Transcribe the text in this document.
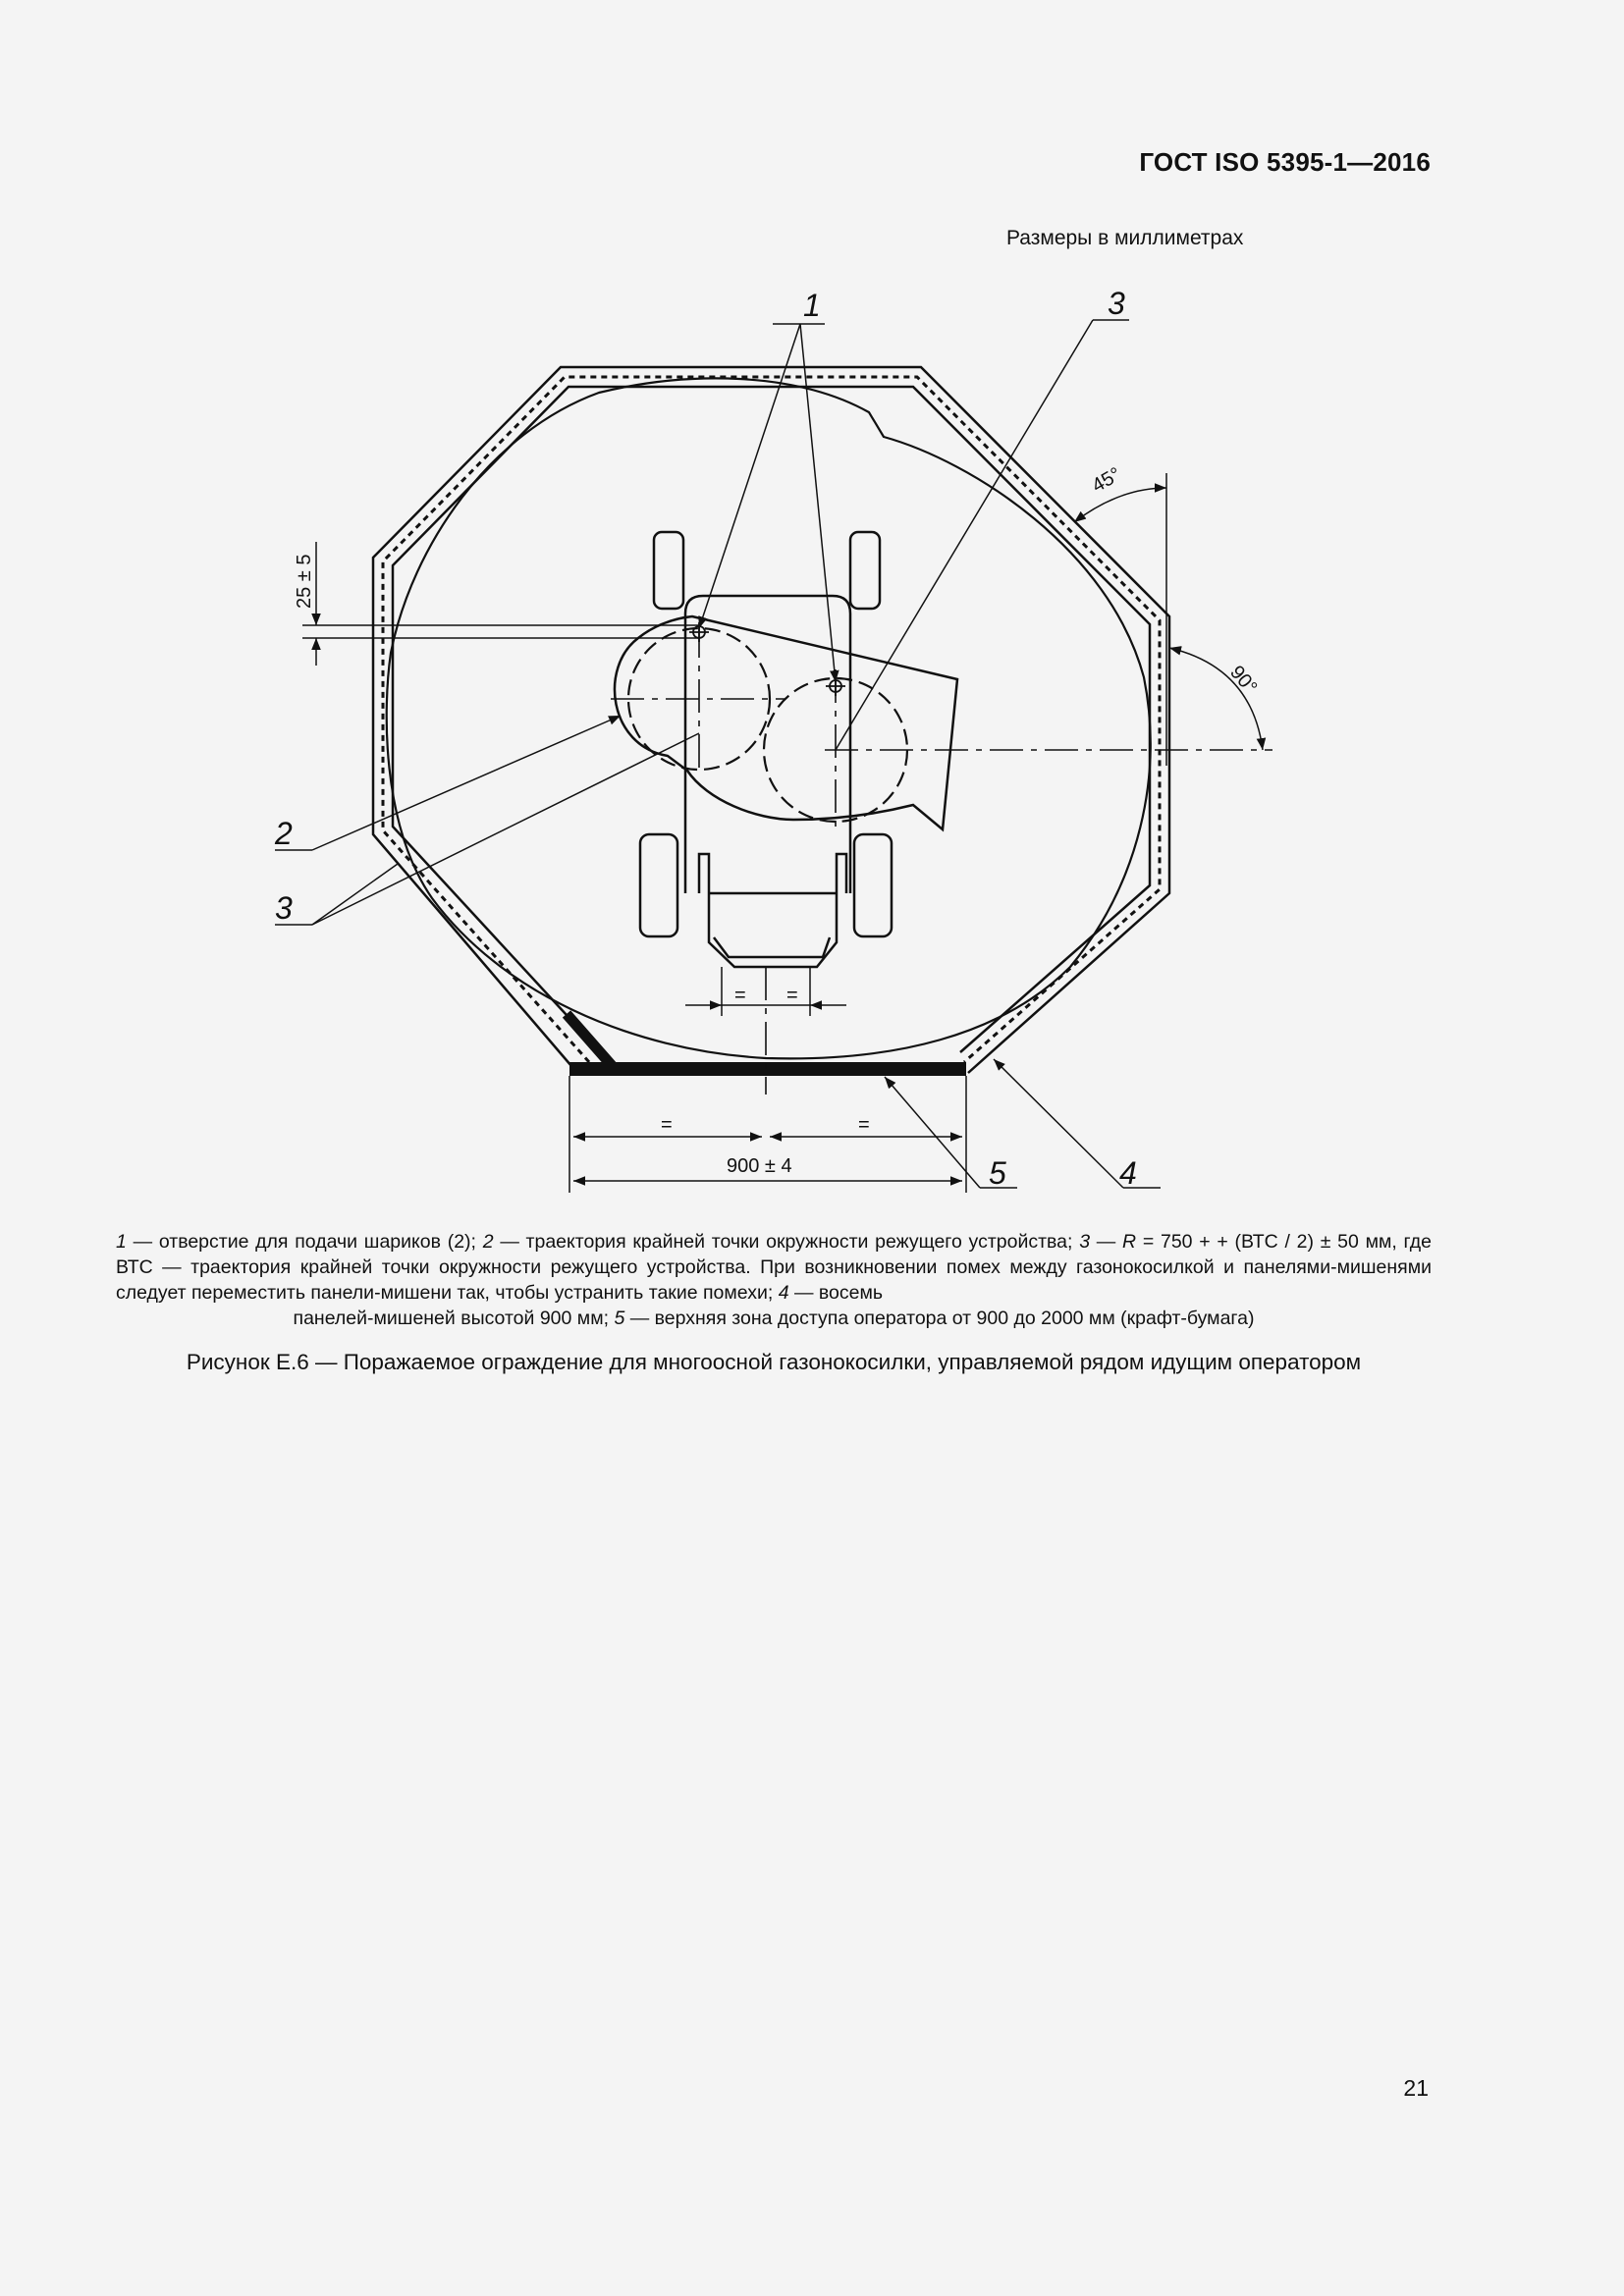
ГОСТ ISO 5395-1—2016
Размеры в миллиметрах
1	3
2
3
5	4
25 ± 5
45°
90°
= =
=	=
900 ± 4
1 — отверстие для подачи шариков (2); 2 — траектория крайней точки окружности режущего устройства; 3 — R = 750 + + (ВТС / 2) ± 50 мм, где ВТС — траектория крайней точки окружности режущего устройства. При возникновении помех между газонокосилкой и панелями-мишенями следует переместить панели-мишени так, чтобы устранить такие помехи; 4 — восемь
панелей-мишеней высотой 900 мм; 5 — верхняя зона доступа оператора от 900 до 2000 мм (крафт-бумага)
Рисунок Е.6 — Поражаемое ограждение для многоосной газонокосилки, управляемой рядом идущим оператором
21
